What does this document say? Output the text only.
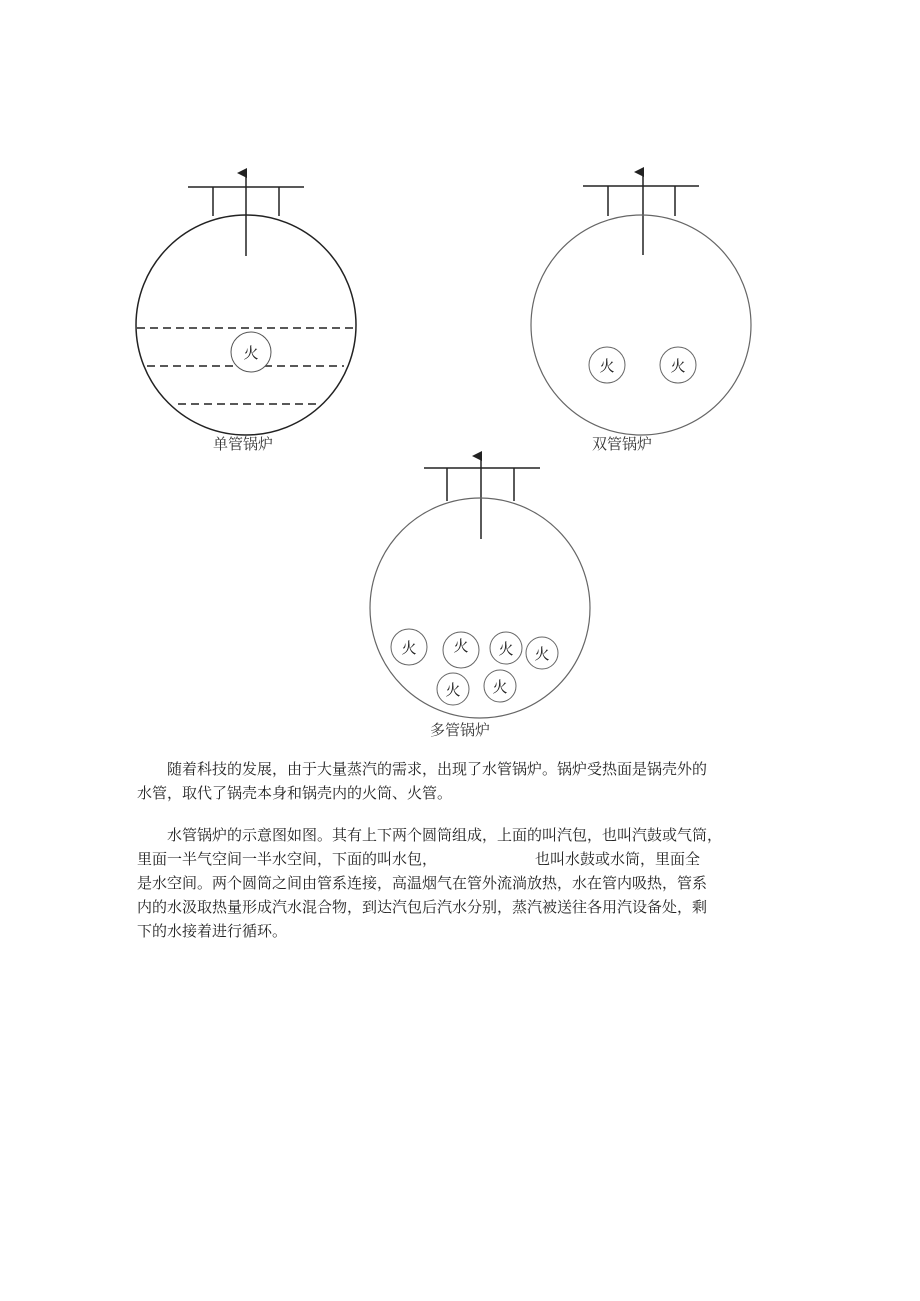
火
单管锅炉
火	火
双管锅炉
火 火 火 火
火 火
多管锅炉

随着科技的发展，由于大量蒸汽的需求，出现了水管锅炉。锅炉受热面是锅壳外的
水管，取代了锅壳本身和锅壳内的火筒、火管。

水管锅炉的示意图如图。其有上下两个圆筒组成，上面的叫汽包，也叫汽鼓或气筒，
里面一半气空间一半水空间，下面的叫水包，	也叫水鼓或水筒，里面全
是水空间。两个圆筒之间由管系连接，高温烟气在管外流淌放热，水在管内吸热，管系
内的水汲取热量形成汽水混合物，到达汽包后汽水分别，蒸汽被送往各用汽设备处，剩
下的水接着进行循环。
